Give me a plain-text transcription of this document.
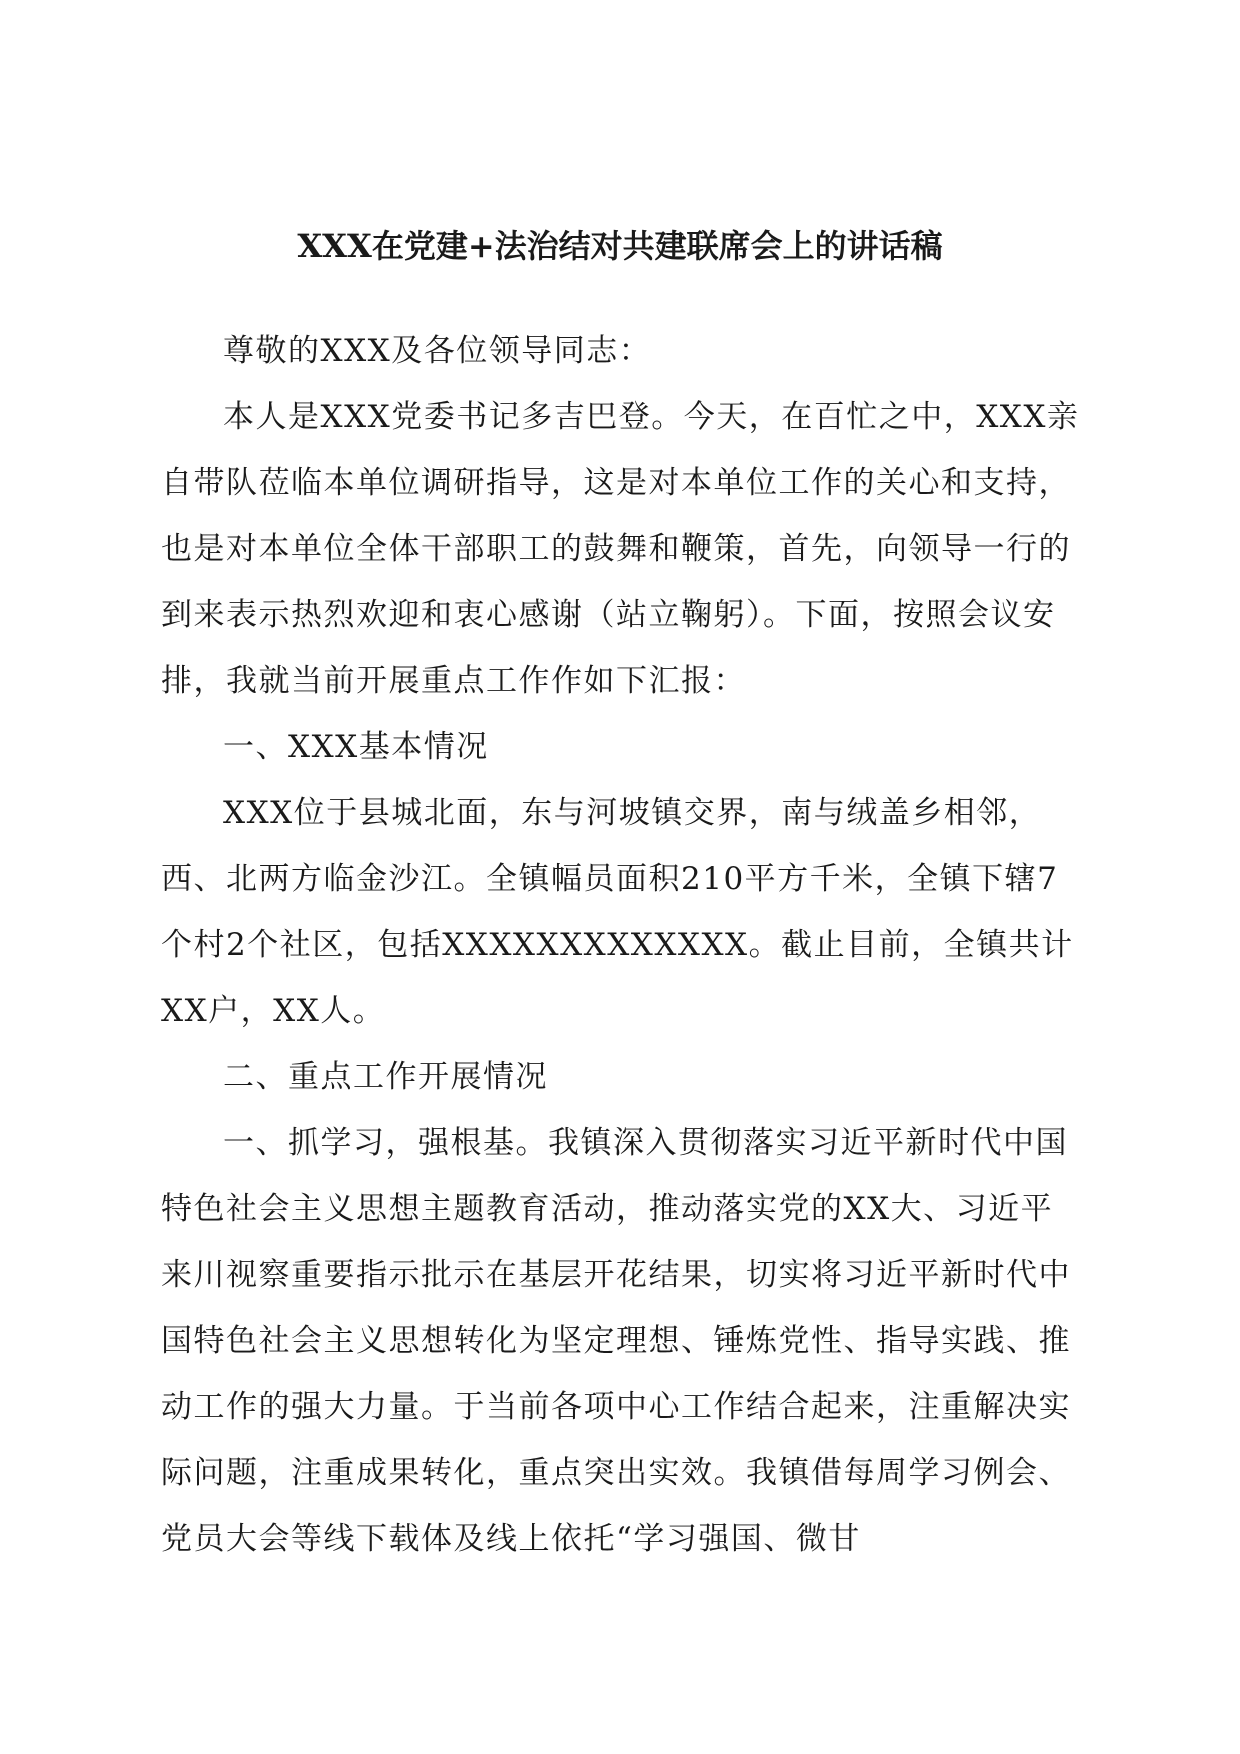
XXX在党建+法治结对共建联席会上的讲话稿

尊敬的XXX及各位领导同志：

本人是XXX党委书记多吉巴登。今天，在百忙之中，XXX亲自带队莅临本单位调研指导，这是对本单位工作的关心和支持，也是对本单位全体干部职工的鼓舞和鞭策，首先，向领导一行的到来表示热烈欢迎和衷心感谢（站立鞠躬）。下面，按照会议安排，我就当前开展重点工作作如下汇报：

一、XXX基本情况

XXX位于县城北面，东与河坡镇交界，南与绒盖乡相邻，西、北两方临金沙江。全镇幅员面积210平方千米，全镇下辖7个村2个社区，包括XXXXXXXXXXXXX。截止目前，全镇共计XX户，XX人。

二、重点工作开展情况

一、抓学习，强根基。我镇深入贯彻落实习近平新时代中国特色社会主义思想主题教育活动，推动落实党的XX大、习近平来川视察重要指示批示在基层开花结果，切实将习近平新时代中国特色社会主义思想转化为坚定理想、锤炼党性、指导实践、推动工作的强大力量。于当前各项中心工作结合起来，注重解决实际问题，注重成果转化，重点突出实效。我镇借每周学习例会、党员大会等线下载体及线上依托“学习强国、微甘
